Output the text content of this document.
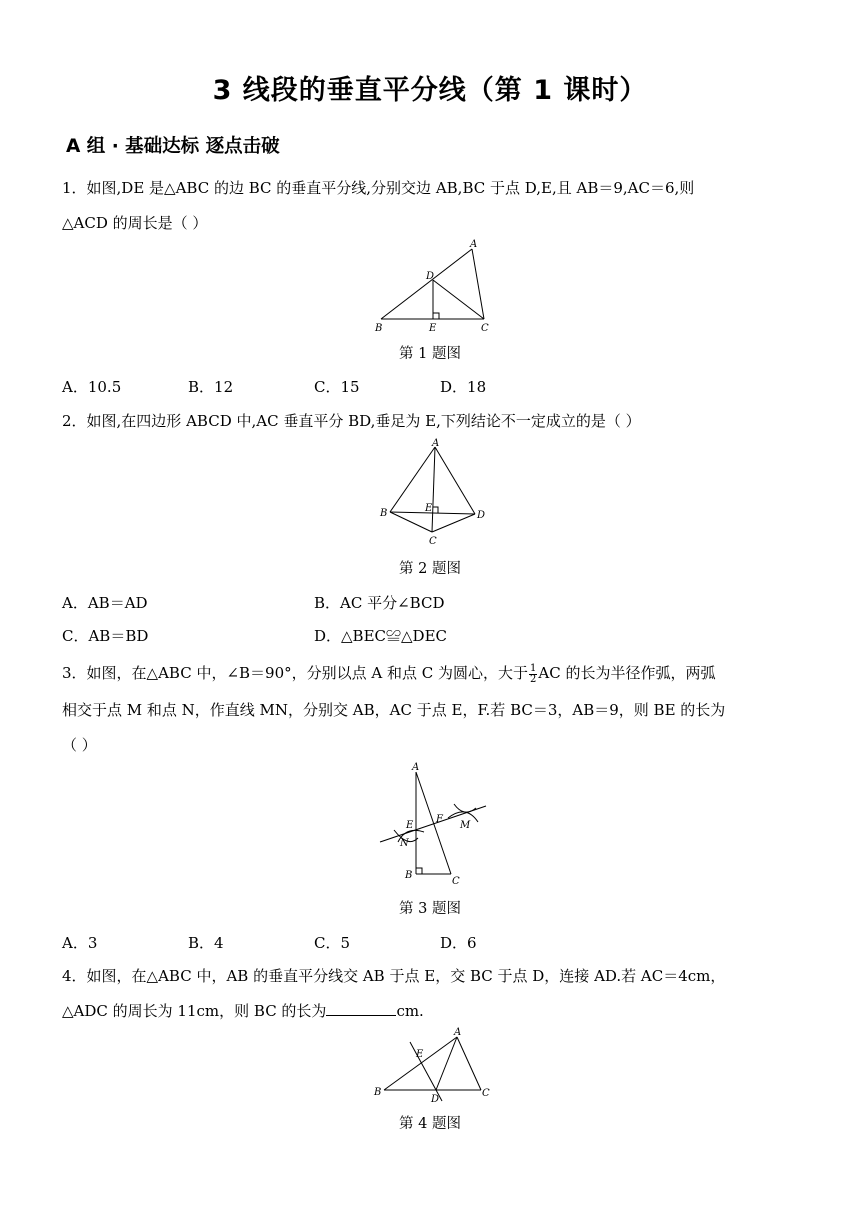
3 线段的垂直平分线（第 1 课时）
A 组 · 基础达标 逐点击破
1．如图,DE 是△ABC 的边 BC 的垂直平分线,分别交边 AB,BC 于点 D,E,且 AB＝9,AC＝6,则
△ACD 的周长是（ ）
A
D
B	E	C
第 1 题图
A．10.5	B．12	C．15	D．18
2．如图,在四边形 ABCD 中,AC 垂直平分 BD,垂足为 E,下列结论不一定成立的是（ ）
A
B	E
D
C
第 2 题图
A．AB＝AD	B．AC 平分∠BCD
C．AB＝BD	D．△BEC≌△DEC
3．如图，在△ABC 中，∠B＝90°，分别以点 A 和点 C 为圆心，大于 $\frac{1}{2}$ AC 的长为半径作弧，两弧
相交于点 M 和点 N，作直线 MN，分别交 AB，AC 于点 E，F.若 BC＝3，AB＝9，则 BE 的长为
（ ）
A
E
F
M
N
B
C
第 3 题图
A．3	B．4	C．5	D．6
4．如图，在△ABC 中，AB 的垂直平分线交 AB 于点 E，交 BC 于点 D，连接 AD.若 AC＝4cm，
△ADC 的周长为 11cm，则 BC 的长为	cm.
A
E
B
D
C
第 4 题图
